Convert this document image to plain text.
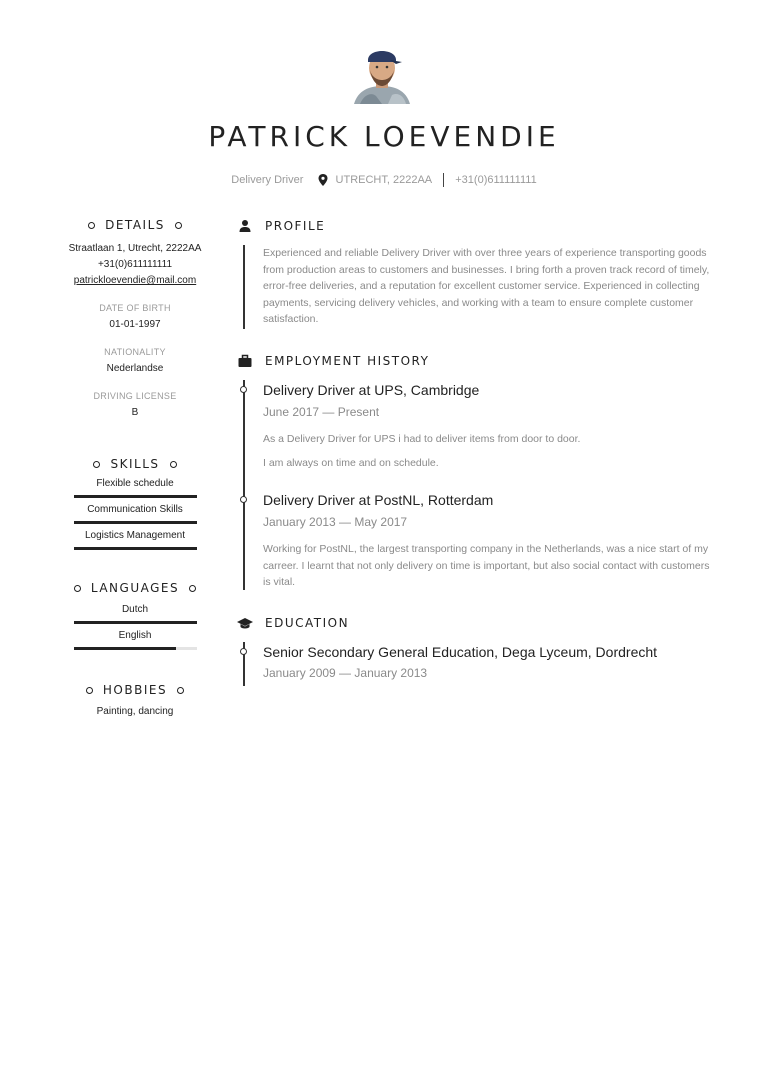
PATRICK LOEVENDIE
Delivery Driver	UTRECHT, 2222AA +31(0)611111111
DETAILS
Straatlaan 1, Utrecht, 2222AA
+31(0)611111111
patrickloevendie@mail.com
DATE OF BIRTH
01-01-1997
NATIONALITY
Nederlandse
DRIVING LICENSE
B
SKILLS
Flexible schedule
Communication Skills
Logistics Management
LANGUAGES
Dutch
English
HOBBIES
Painting, dancing
PROFILE
Experienced and reliable Delivery Driver with over three years of experience transporting goods from production areas to customers and businesses. I bring forth a proven track record of timely, error-free deliveries, and a reputation for excellent customer service. Experienced in collecting payments, servicing delivery vehicles, and working with a team to ensure complete customer satisfaction.
EMPLOYMENT HISTORY
Delivery Driver at UPS, Cambridge
June 2017 — Present
As a Delivery Driver for UPS i had to deliver items from door to door.
I am always on time and on schedule.
Delivery Driver at PostNL, Rotterdam
January 2013 — May 2017
Working for PostNL, the largest transporting company in the Netherlands, was a nice start of my carreer. I learnt that not only delivery on time is important, but also social contact with customers is vital.
EDUCATION
Senior Secondary General Education, Dega Lyceum, Dordrecht
January 2009 — January 2013
